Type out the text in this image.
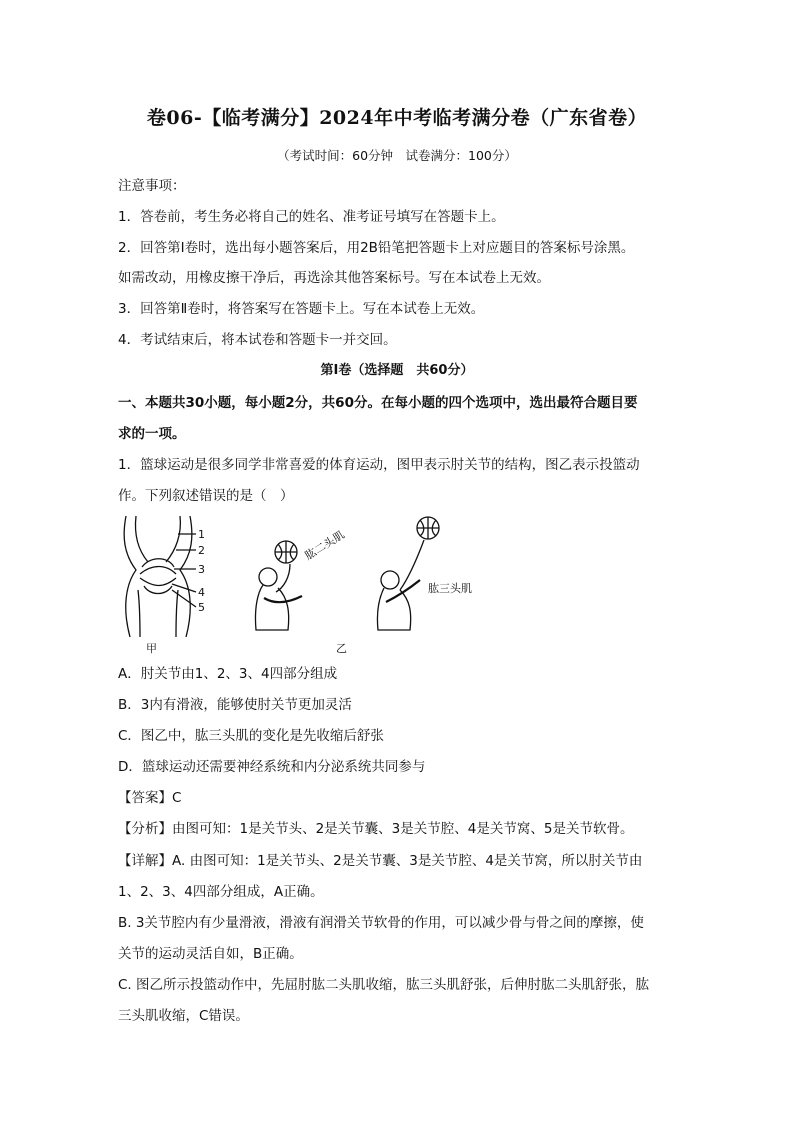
卷06-【临考满分】2024年中考临考满分卷（广东省卷）
（考试时间：60分钟　试卷满分：100分）
注意事项：
1．答卷前，考生务必将自己的姓名、准考证号填写在答题卡上。
2．回答第Ⅰ卷时，选出每小题答案后，用2B铅笔把答题卡上对应题目的答案标号涂黑。
如需改动，用橡皮擦干净后，再选涂其他答案标号。写在本试卷上无效。
3．回答第Ⅱ卷时，将答案写在答题卡上。写在本试卷上无效。
4．考试结束后，将本试卷和答题卡一并交回。
第Ⅰ卷（选择题　共60分）
一、本题共30小题，每小题2分，共60分。在每小题的四个选项中，选出最符合题目要
求的一项。
1．篮球运动是很多同学非常喜爱的体育运动，图甲表示肘关节的结构，图乙表示投篮动
作。下列叙述错误的是（　）
1
2
3
4
5
甲
肱二头肌
肱三头肌
乙
A．肘关节由1、2、3、4四部分组成
B．3内有滑液，能够使肘关节更加灵活
C．图乙中，肱三头肌的变化是先收缩后舒张
D．篮球运动还需要神经系统和内分泌系统共同参与
【答案】C
【分析】由图可知：1是关节头、2是关节囊、3是关节腔、4是关节窝、5是关节软骨。
【详解】A. 由图可知：1是关节头、2是关节囊、3是关节腔、4是关节窝，所以肘关节由
1、2、3、4四部分组成，A正确。
B. 3关节腔内有少量滑液，滑液有润滑关节软骨的作用，可以减少骨与骨之间的摩擦，使
关节的运动灵活自如，B正确。
C. 图乙所示投篮动作中，先屈肘肱二头肌收缩，肱三头肌舒张，后伸肘肱二头肌舒张，肱
三头肌收缩，C错误。
